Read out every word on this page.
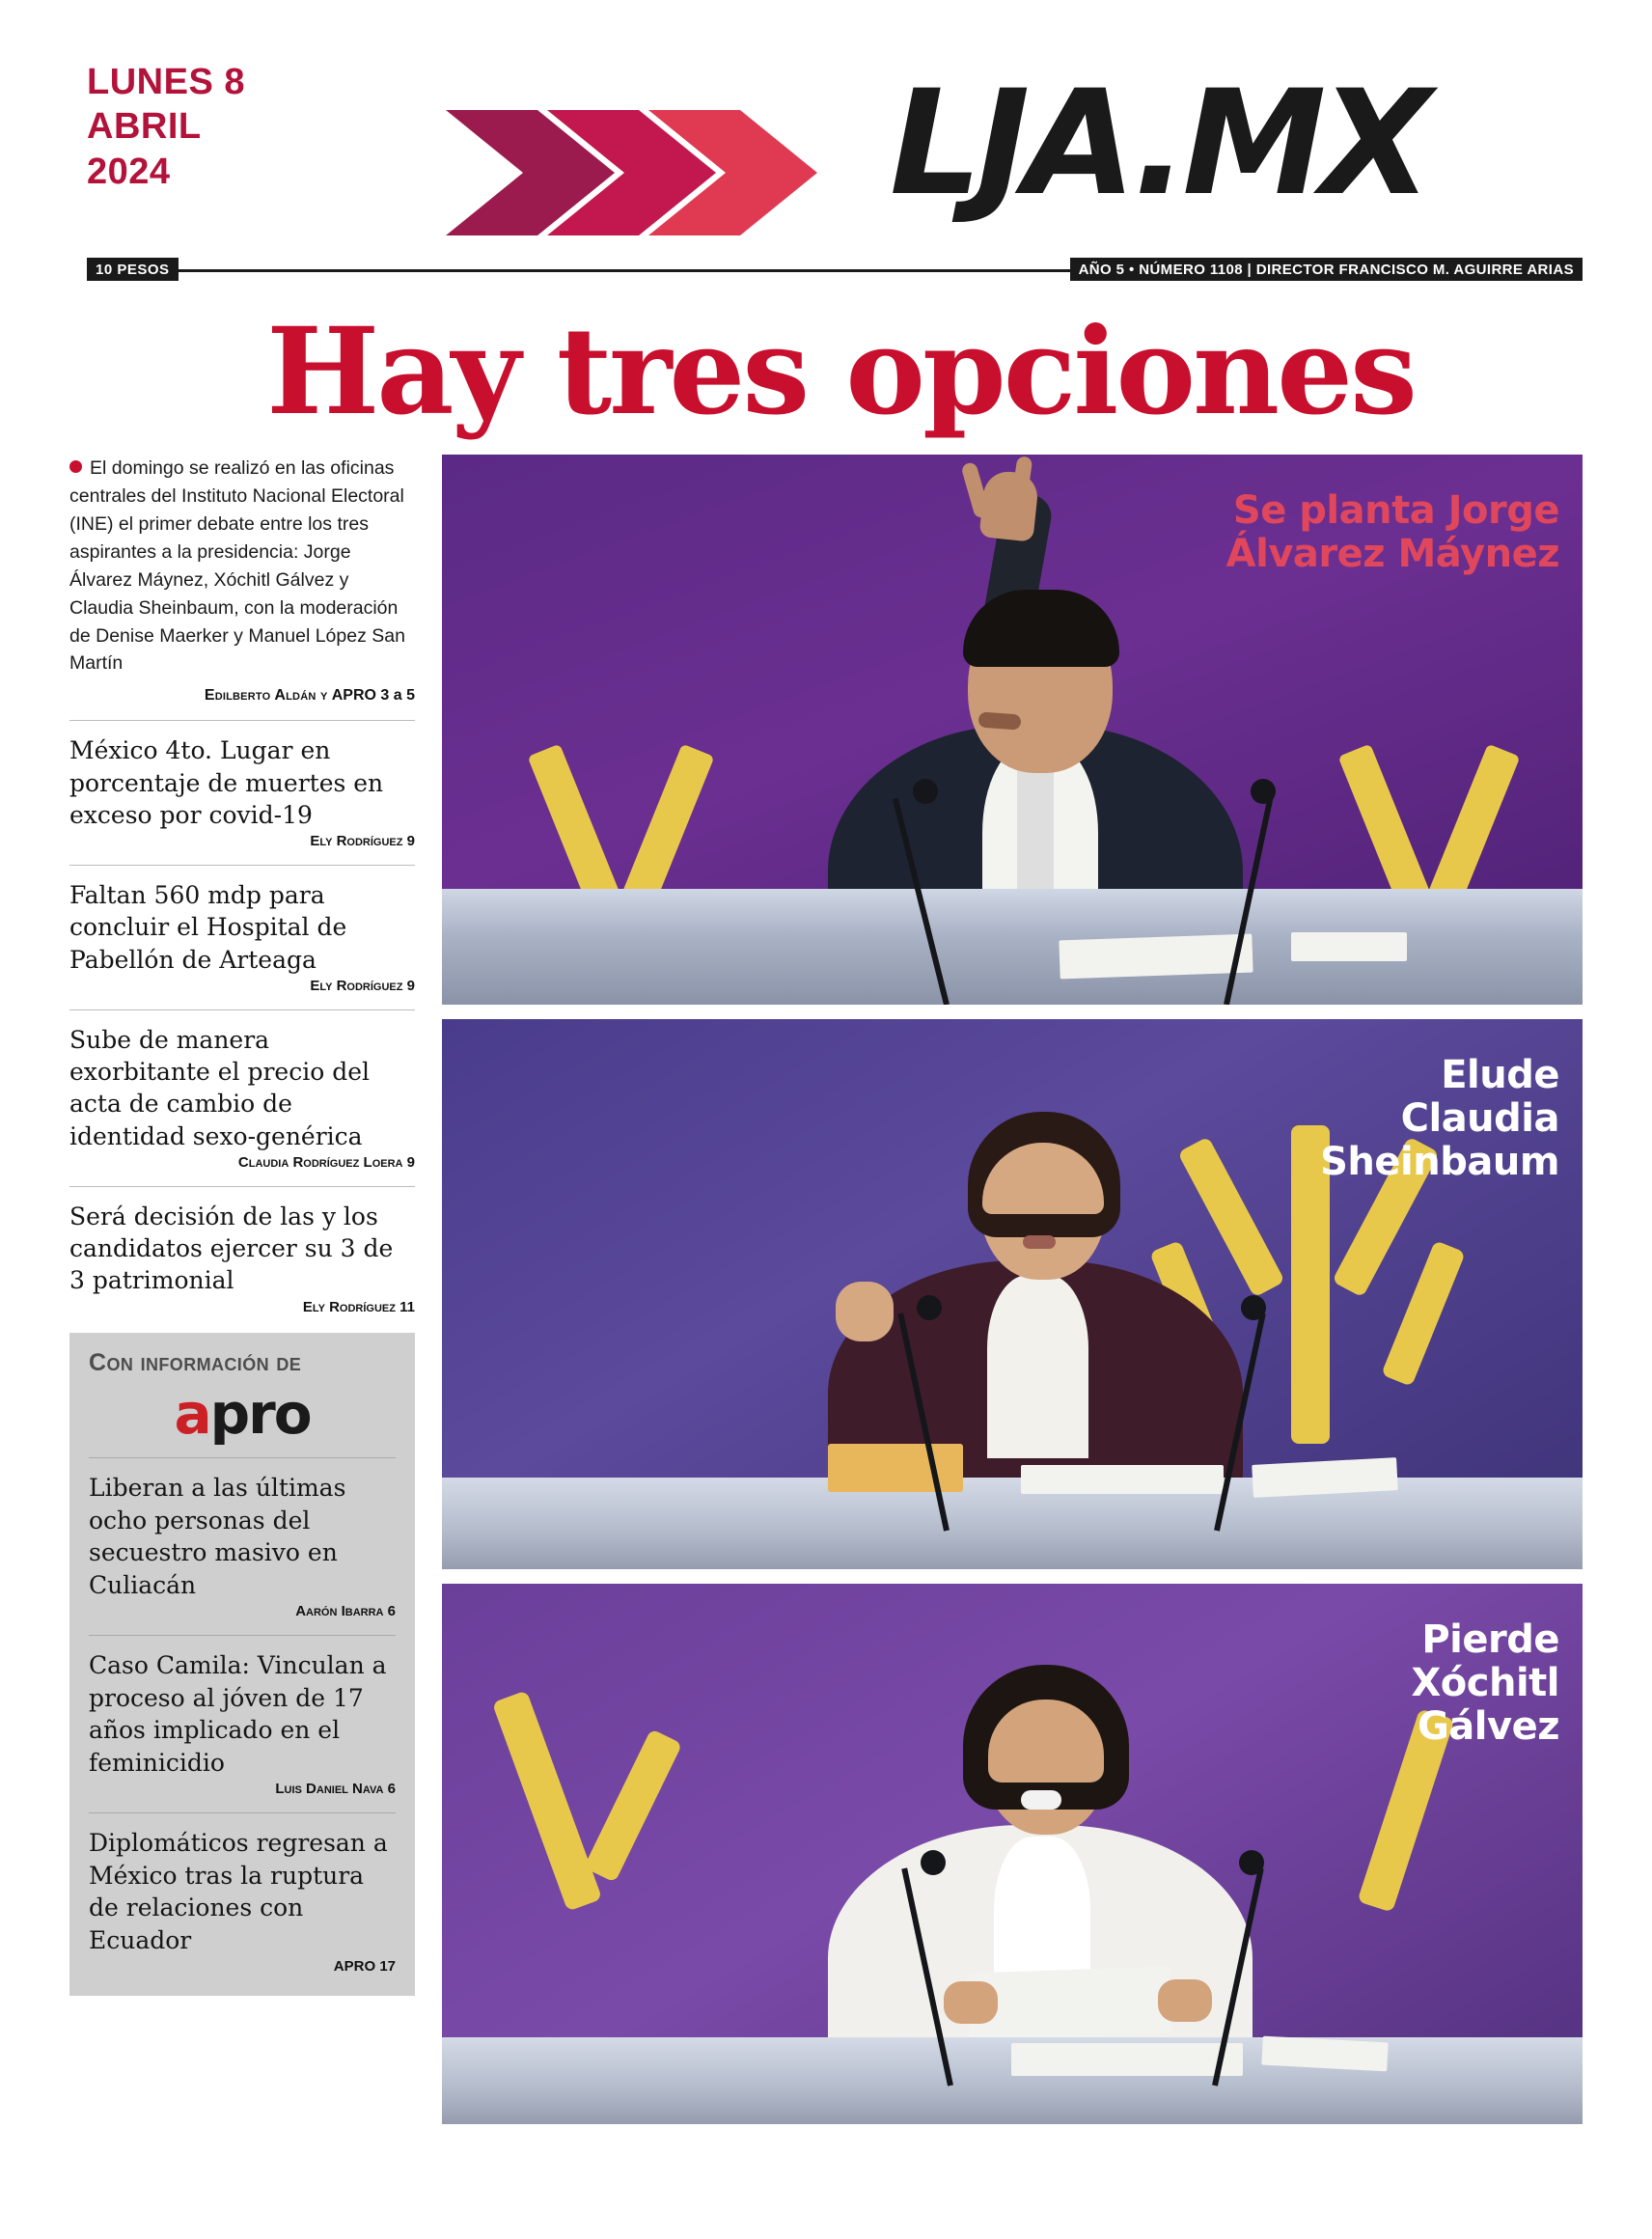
LUNES 8
ABRIL
2024	LJA.MX
10 PESOS	AÑO 5 • NÚMERO 1108 | DIRECTOR FRANCISCO M. AGUIRRE ARIAS
Hay tres opciones
El domingo se realizó en las oficinas centrales del Instituto Nacional Electoral (INE) el primer debate entre los tres aspirantes a la presidencia: Jorge Álvarez Máynez, Xóchitl Gálvez y Claudia Sheinbaum, con la moderación de Denise Maerker y Manuel López San Martín
Edilberto Aldán y APRO 3 a 5
México 4to. Lugar en porcentaje de muertes en exceso por covid-19
Ely Rodríguez 9
Faltan 560 mdp para concluir el Hospital de Pabellón de Arteaga
Ely Rodríguez 9
Sube de manera exorbitante el precio del acta de cambio de identidad sexo-genérica
Claudia Rodríguez Loera 9
Será decisión de las y los candidatos ejercer su 3 de 3 patrimonial
Ely Rodríguez 11
Con información de
apro
Liberan a las últimas ocho personas del secuestro masivo en Culiacán
Aarón Ibarra 6
Caso Camila: Vinculan a proceso al jóven de 17 años implicado en el feminicidio
Luis Daniel Nava 6
Diplomáticos regresan a México tras la ruptura de relaciones con Ecuador
APRO 17
Se planta Jorge
Álvarez Máynez
Elude
Claudia
Sheinbaum
Pierde
Xóchitl
Gálvez
